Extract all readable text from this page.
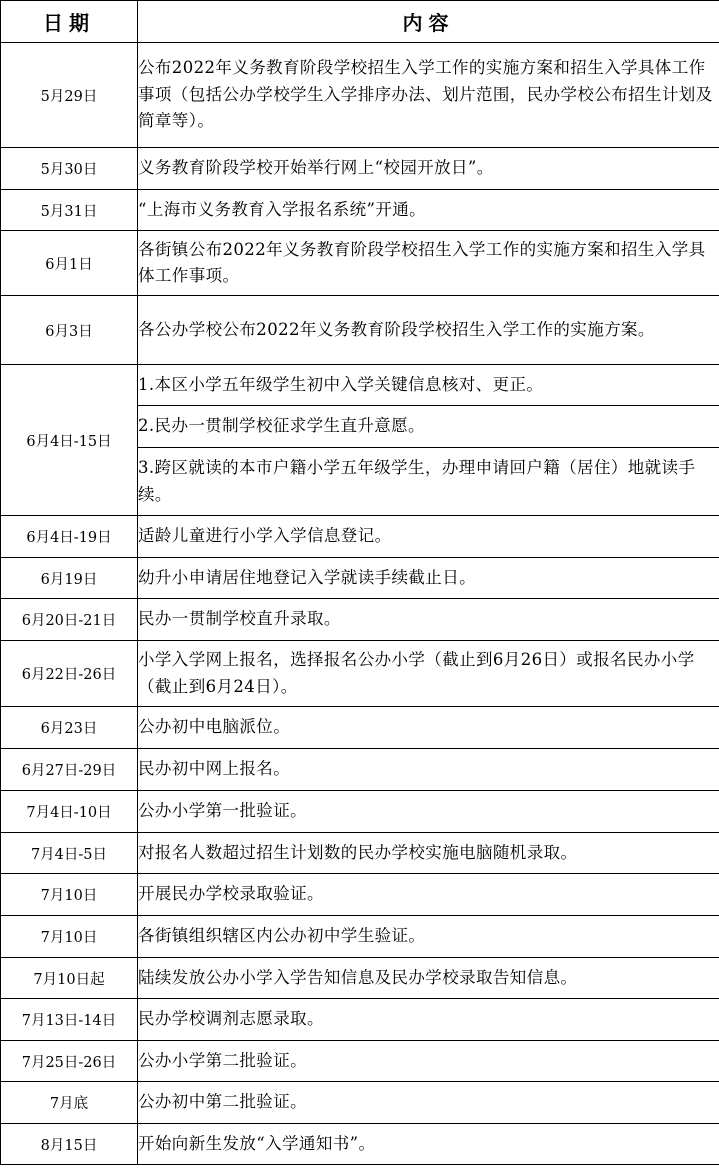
日期	内容
5月29日	公布2022年义务教育阶段学校招生入学工作的实施方案和招生入学具体工作事项（包括公办学校学生入学排序办法、划片范围，民办学校公布招生计划及简章等）。
5月30日	义务教育阶段学校开始举行网上“校园开放日”。
5月31日	“上海市义务教育入学报名系统”开通。
6月1日	各街镇公布2022年义务教育阶段学校招生入学工作的实施方案和招生入学具体工作事项。
6月3日	各公办学校公布2022年义务教育阶段学校招生入学工作的实施方案。
6月4日-15日	1.本区小学五年级学生初中入学关键信息核对、更正。
	2.民办一贯制学校征求学生直升意愿。
	3.跨区就读的本市户籍小学五年级学生，办理申请回户籍（居住）地就读手续。
6月4日-19日	适龄儿童进行小学入学信息登记。
6月19日	幼升小申请居住地登记入学就读手续截止日。
6月20日-21日	民办一贯制学校直升录取。
6月22日-26日	小学入学网上报名，选择报名公办小学（截止到6月26日）或报名民办小学（截止到6月24日）。
6月23日	公办初中电脑派位。
6月27日-29日	民办初中网上报名。
7月4日-10日	公办小学第一批验证。
7月4日-5日	对报名人数超过招生计划数的民办学校实施电脑随机录取。
7月10日	开展民办学校录取验证。
7月10日	各街镇组织辖区内公办初中学生验证。
7月10日起	陆续发放公办小学入学告知信息及民办学校录取告知信息。
7月13日-14日	民办学校调剂志愿录取。
7月25日-26日	公办小学第二批验证。
7月底	公办初中第二批验证。
8月15日	开始向新生发放“入学通知书”。
